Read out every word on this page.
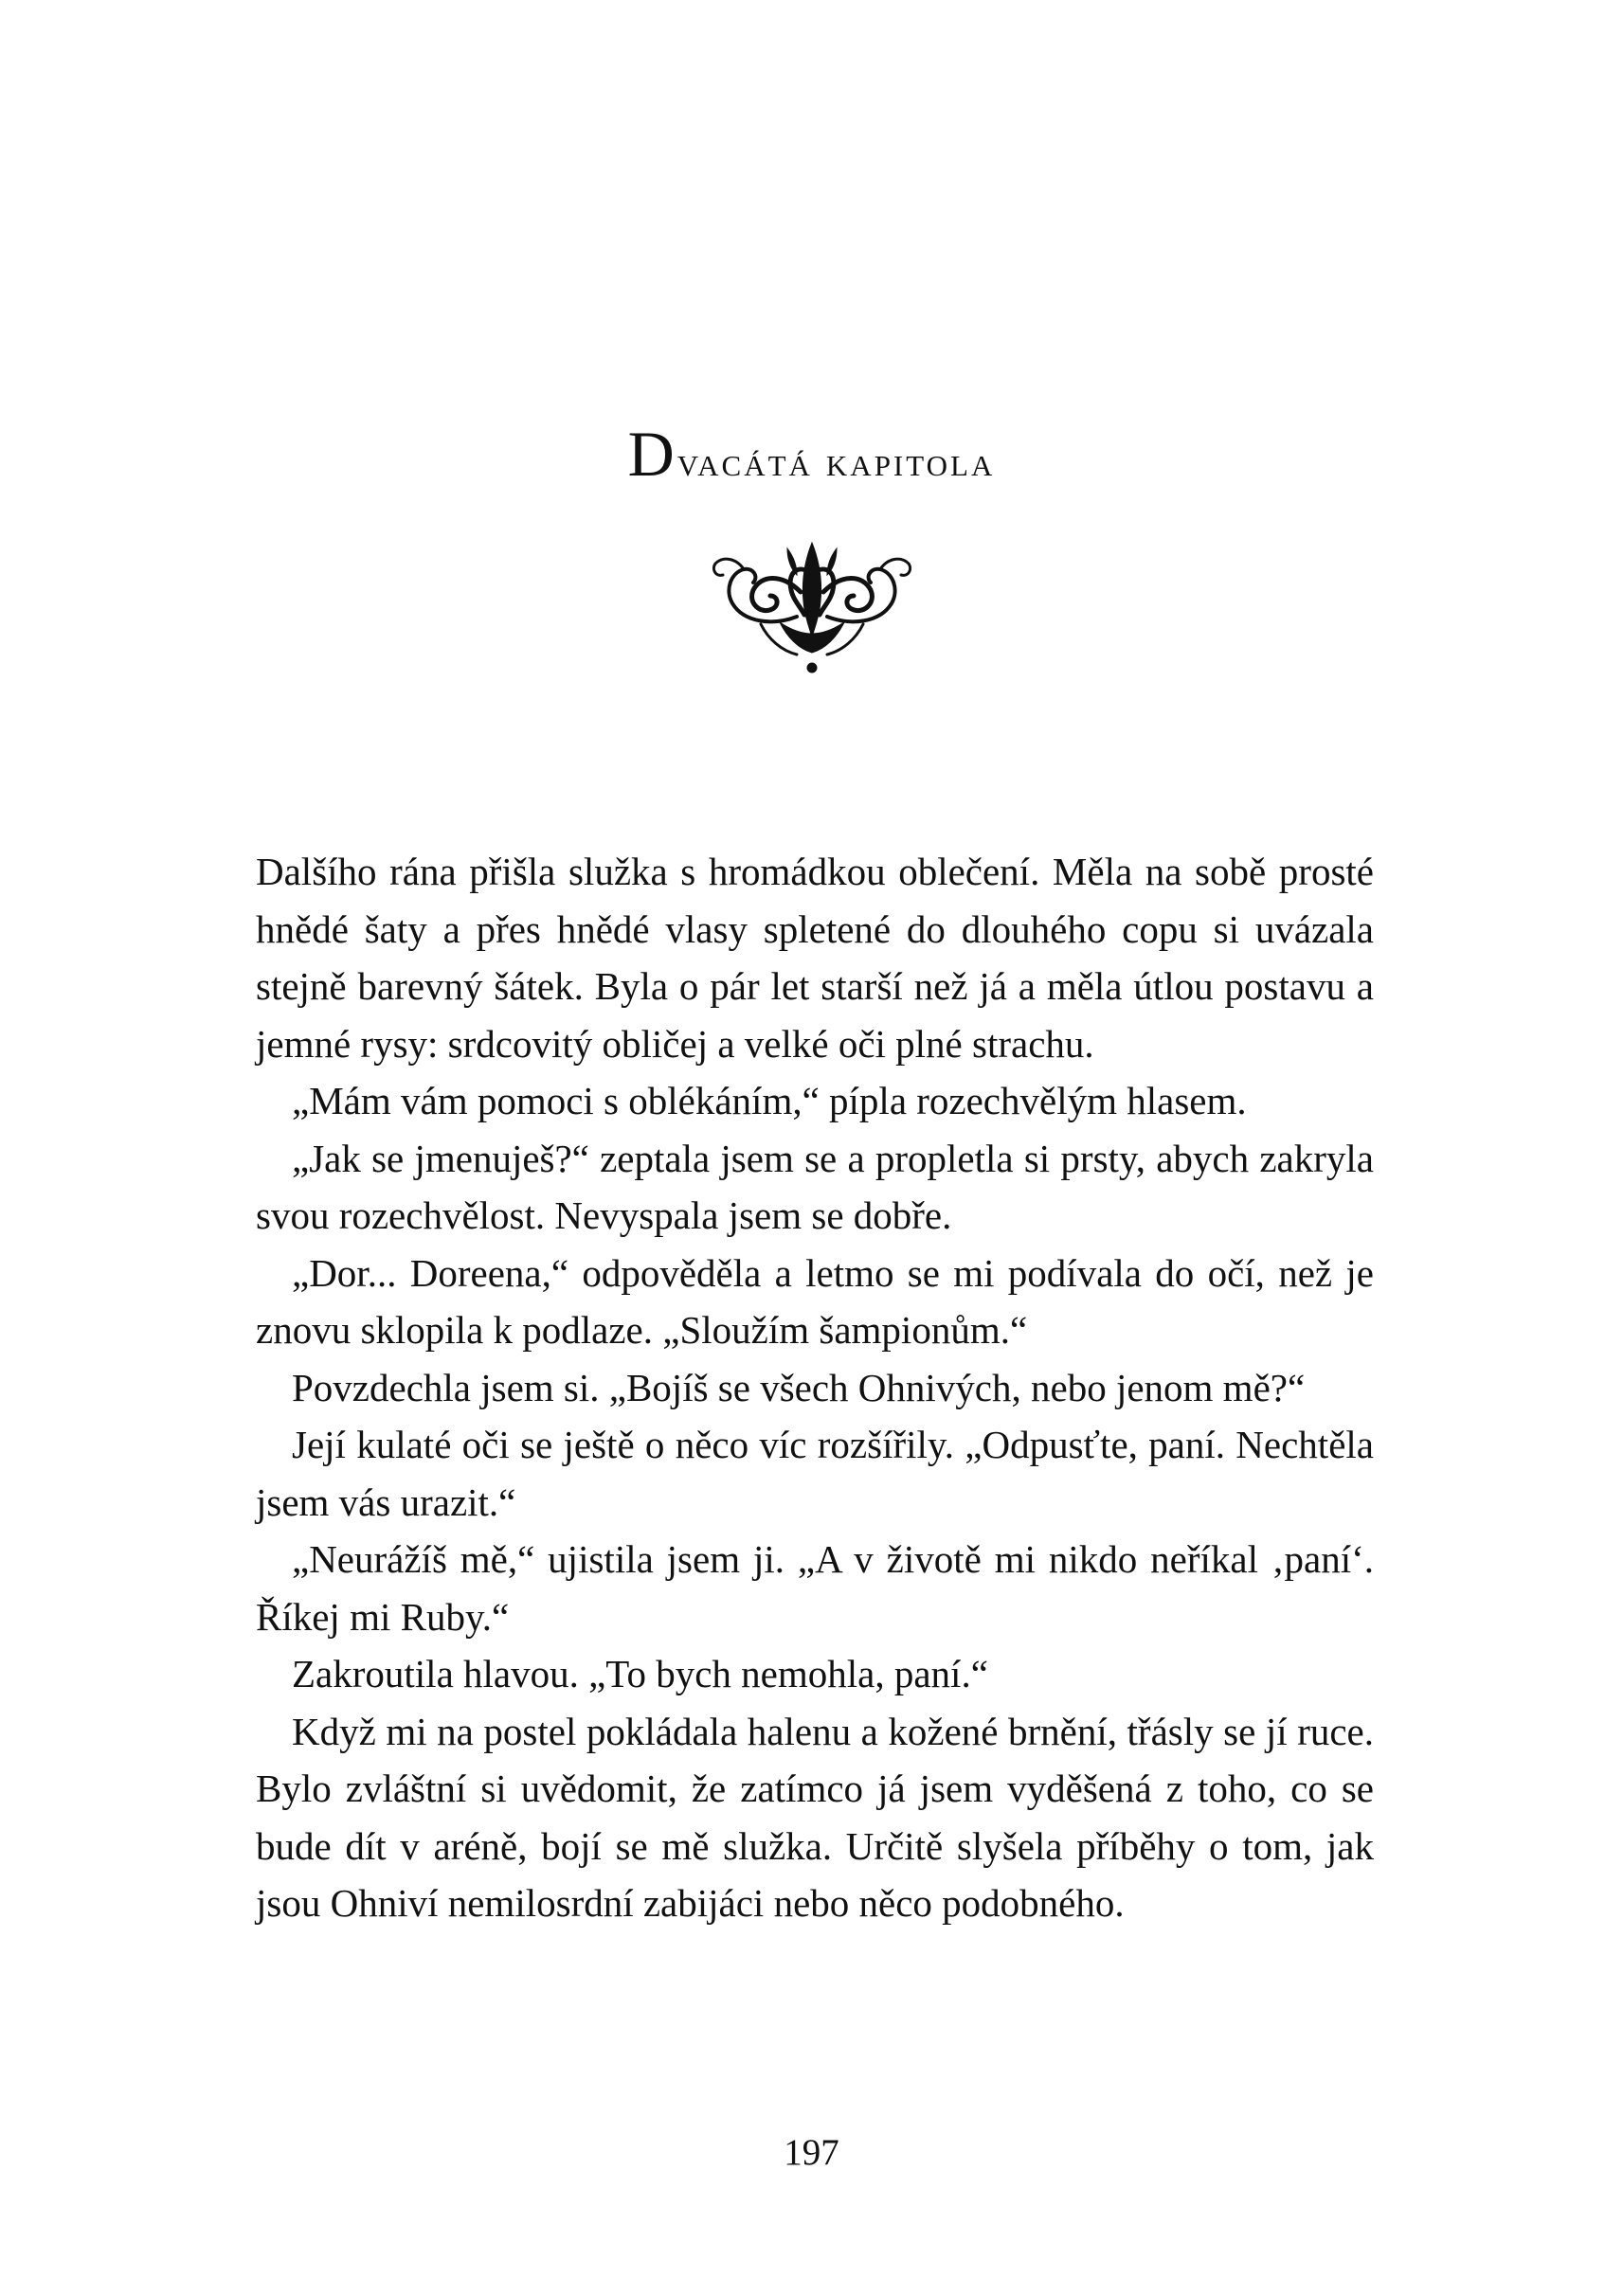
Dvacátá kapitola

Dalšího rána přišla služka s hromádkou oblečení. Měla na sobě prosté hnědé šaty a přes hnědé vlasy spletené do dlouhého copu si uvázala stejně barevný šátek. Byla o pár let starší než já a měla útlou postavu a jemné rysy: srdcovitý obličej a velké oči plné strachu.

„Mám vám pomoci s oblékáním,“ pípla rozechvělým hlasem.

„Jak se jmenuješ?“ zeptala jsem se a propletla si prsty, abych zakryla svou rozechvělost. Nevyspala jsem se dobře.

„Dor... Doreena,“ odpověděla a letmo se mi podívala do očí, než je znovu sklopila k podlaze. „Sloužím šampionům.“

Povzdechla jsem si. „Bojíš se všech Ohnivých, nebo jenom mě?“

Její kulaté oči se ještě o něco víc rozšířily. „Odpusťte, paní. Nechtěla jsem vás urazit.“

„Neurážíš mě,“ ujistila jsem ji. „A v životě mi nikdo neříkal ‚paní‘. Říkej mi Ruby.“

Zakroutila hlavou. „To bych nemohla, paní.“

Když mi na postel pokládala halenu a kožené brnění, třásly se jí ruce. Bylo zvláštní si uvědomit, že zatímco já jsem vyděšená z toho, co se bude dít v aréně, bojí se mě služka. Určitě slyšela příběhy o tom, jak jsou Ohniví nemilosrdní zabijáci nebo něco podobného.

197
